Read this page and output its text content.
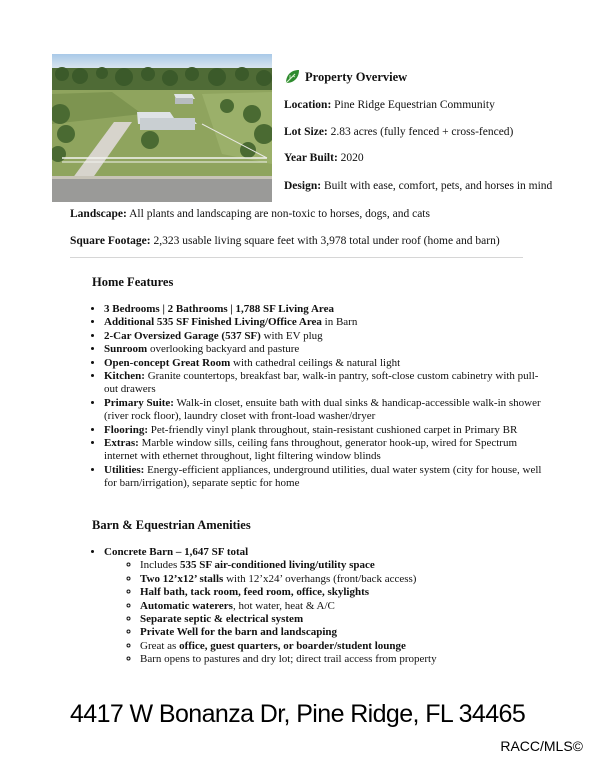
Property Overview
Location: Pine Ridge Equestrian Community
Lot Size: 2.83 acres (fully fenced + cross-fenced)
Year Built: 2020
Design: Built with ease, comfort, pets, and horses in mind
Landscape: All plants and landscaping are non-toxic to horses, dogs, and cats
Square Footage: 2,323 usable living square feet with 3,978 total under roof (home and barn)
Home Features
• 3 Bedrooms | 2 Bathrooms | 1,788 SF Living Area
• Additional 535 SF Finished Living/Office Area in Barn
• 2-Car Oversized Garage (537 SF) with EV plug
• Sunroom overlooking backyard and pasture
• Open-concept Great Room with cathedral ceilings & natural light
• Kitchen: Granite countertops, breakfast bar, walk-in pantry, soft-close custom cabinetry with pull-out drawers
• Primary Suite: Walk-in closet, ensuite bath with dual sinks & handicap-accessible walk-in shower (river rock floor), laundry closet with front-load washer/dryer
• Flooring: Pet-friendly vinyl plank throughout, stain-resistant cushioned carpet in Primary BR
• Extras: Marble window sills, ceiling fans throughout, generator hook-up, wired for Spectrum internet with ethernet throughout, light filtering window blinds
• Utilities: Energy-efficient appliances, underground utilities, dual water system (city for house, well for barn/irrigation), separate septic for home
Barn & Equestrian Amenities
• Concrete Barn – 1,647 SF total
◦ Includes 535 SF air-conditioned living/utility space
◦ Two 12’x12’ stalls with 12’x24’ overhangs (front/back access)
◦ Half bath, tack room, feed room, office, skylights
◦ Automatic waterers, hot water, heat & A/C
◦ Separate septic & electrical system
◦ Private Well for the barn and landscaping
◦ Great as office, guest quarters, or boarder/student lounge
◦ Barn opens to pastures and dry lot; direct trail access from property
4417 W Bonanza Dr, Pine Ridge, FL 34465
RACC/MLS©
